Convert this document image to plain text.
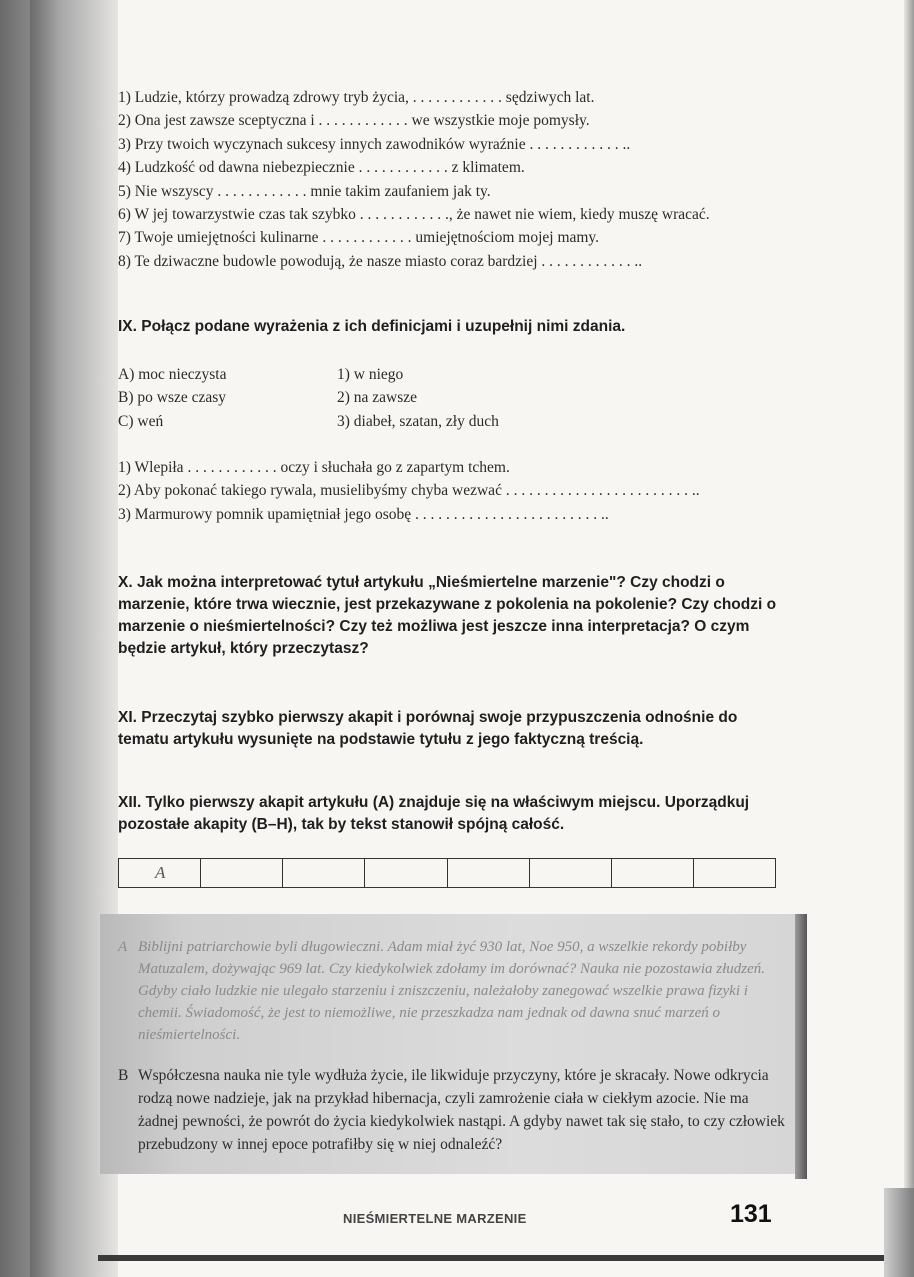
1) Ludzie, którzy prowadzą zdrowy tryb życia, . . . . . . . . . . . . sędziwych lat.
2) Ona jest zawsze sceptyczna i . . . . . . . . . . . . we wszystkie moje pomysły.
3) Przy twoich wyczynach sukcesy innych zawodników wyraźnie . . . . . . . . . . . . ..
4) Ludzkość od dawna niebezpiecznie . . . . . . . . . . . . z klimatem.
5) Nie wszyscy . . . . . . . . . . . . mnie takim zaufaniem jak ty.
6) W jej towarzystwie czas tak szybko . . . . . . . . . . . ., że nawet nie wiem, kiedy muszę wracać.
7) Twoje umiejętności kulinarne . . . . . . . . . . . . umiejętnościom mojej mamy.
8) Te dziwaczne budowle powodują, że nasze miasto coraz bardziej . . . . . . . . . . . . ..
IX. Połącz podane wyrażenia z ich definicjami i uzupełnij nimi zdania.
A) moc nieczysta
B) po wsze czasy
C) weń
1) w niego
2) na zawsze
3) diabeł, szatan, zły duch
1) Wlepiła . . . . . . . . . . . . oczy i słuchała go z zapartym tchem.
2) Aby pokonać takiego rywala, musielibyśmy chyba wezwać . . . . . . . . . . . . . . . . . . . . . . . . ..
3) Marmurowy pomnik upamiętniał jego osobę . . . . . . . . . . . . . . . . . . . . . . . . ..
X. Jak można interpretować tytuł artykułu „Nieśmiertelne marzenie"? Czy chodzi o marzenie, które trwa wiecznie, jest przekazywane z pokolenia na pokolenie? Czy chodzi o marzenie o nieśmiertelności? Czy też możliwa jest jeszcze inna interpretacja? O czym będzie artykuł, który przeczytasz?
XI. Przeczytaj szybko pierwszy akapit i porównaj swoje przypuszczenia odnośnie do tematu artykułu wysunięte na podstawie tytułu z jego faktyczną treścią.
XII. Tylko pierwszy akapit artykułu (A) znajduje się na właściwym miejscu. Uporządkuj pozostałe akapity (B–H), tak by tekst stanowił spójną całość.
A
A Biblijni patriarchowie byli długowieczni. Adam miał żyć 930 lat, Noe 950, a wszelkie rekordy pobiłby Matuzalem, dożywając 969 lat. Czy kiedykolwiek zdołamy im dorównać? Nauka nie pozostawia złudzeń. Gdyby ciało ludzkie nie ulegało starzeniu i zniszczeniu, należałoby zanegować wszelkie prawa fizyki i chemii. Świadomość, że jest to niemożliwe, nie przeszkadza nam jednak od dawna snuć marzeń o nieśmiertelności.
B Współczesna nauka nie tyle wydłuża życie, ile likwiduje przyczyny, które je skracały. Nowe odkrycia rodzą nowe nadzieje, jak na przykład hibernacja, czyli zamrożenie ciała w ciekłym azocie. Nie ma żadnej pewności, że powrót do życia kiedykolwiek nastąpi. A gdyby nawet tak się stało, to czy człowiek przebudzony w innej epoce potrafiłby się w niej odnaleźć?
NIEŚMIERTELNE MARZENIE	131
